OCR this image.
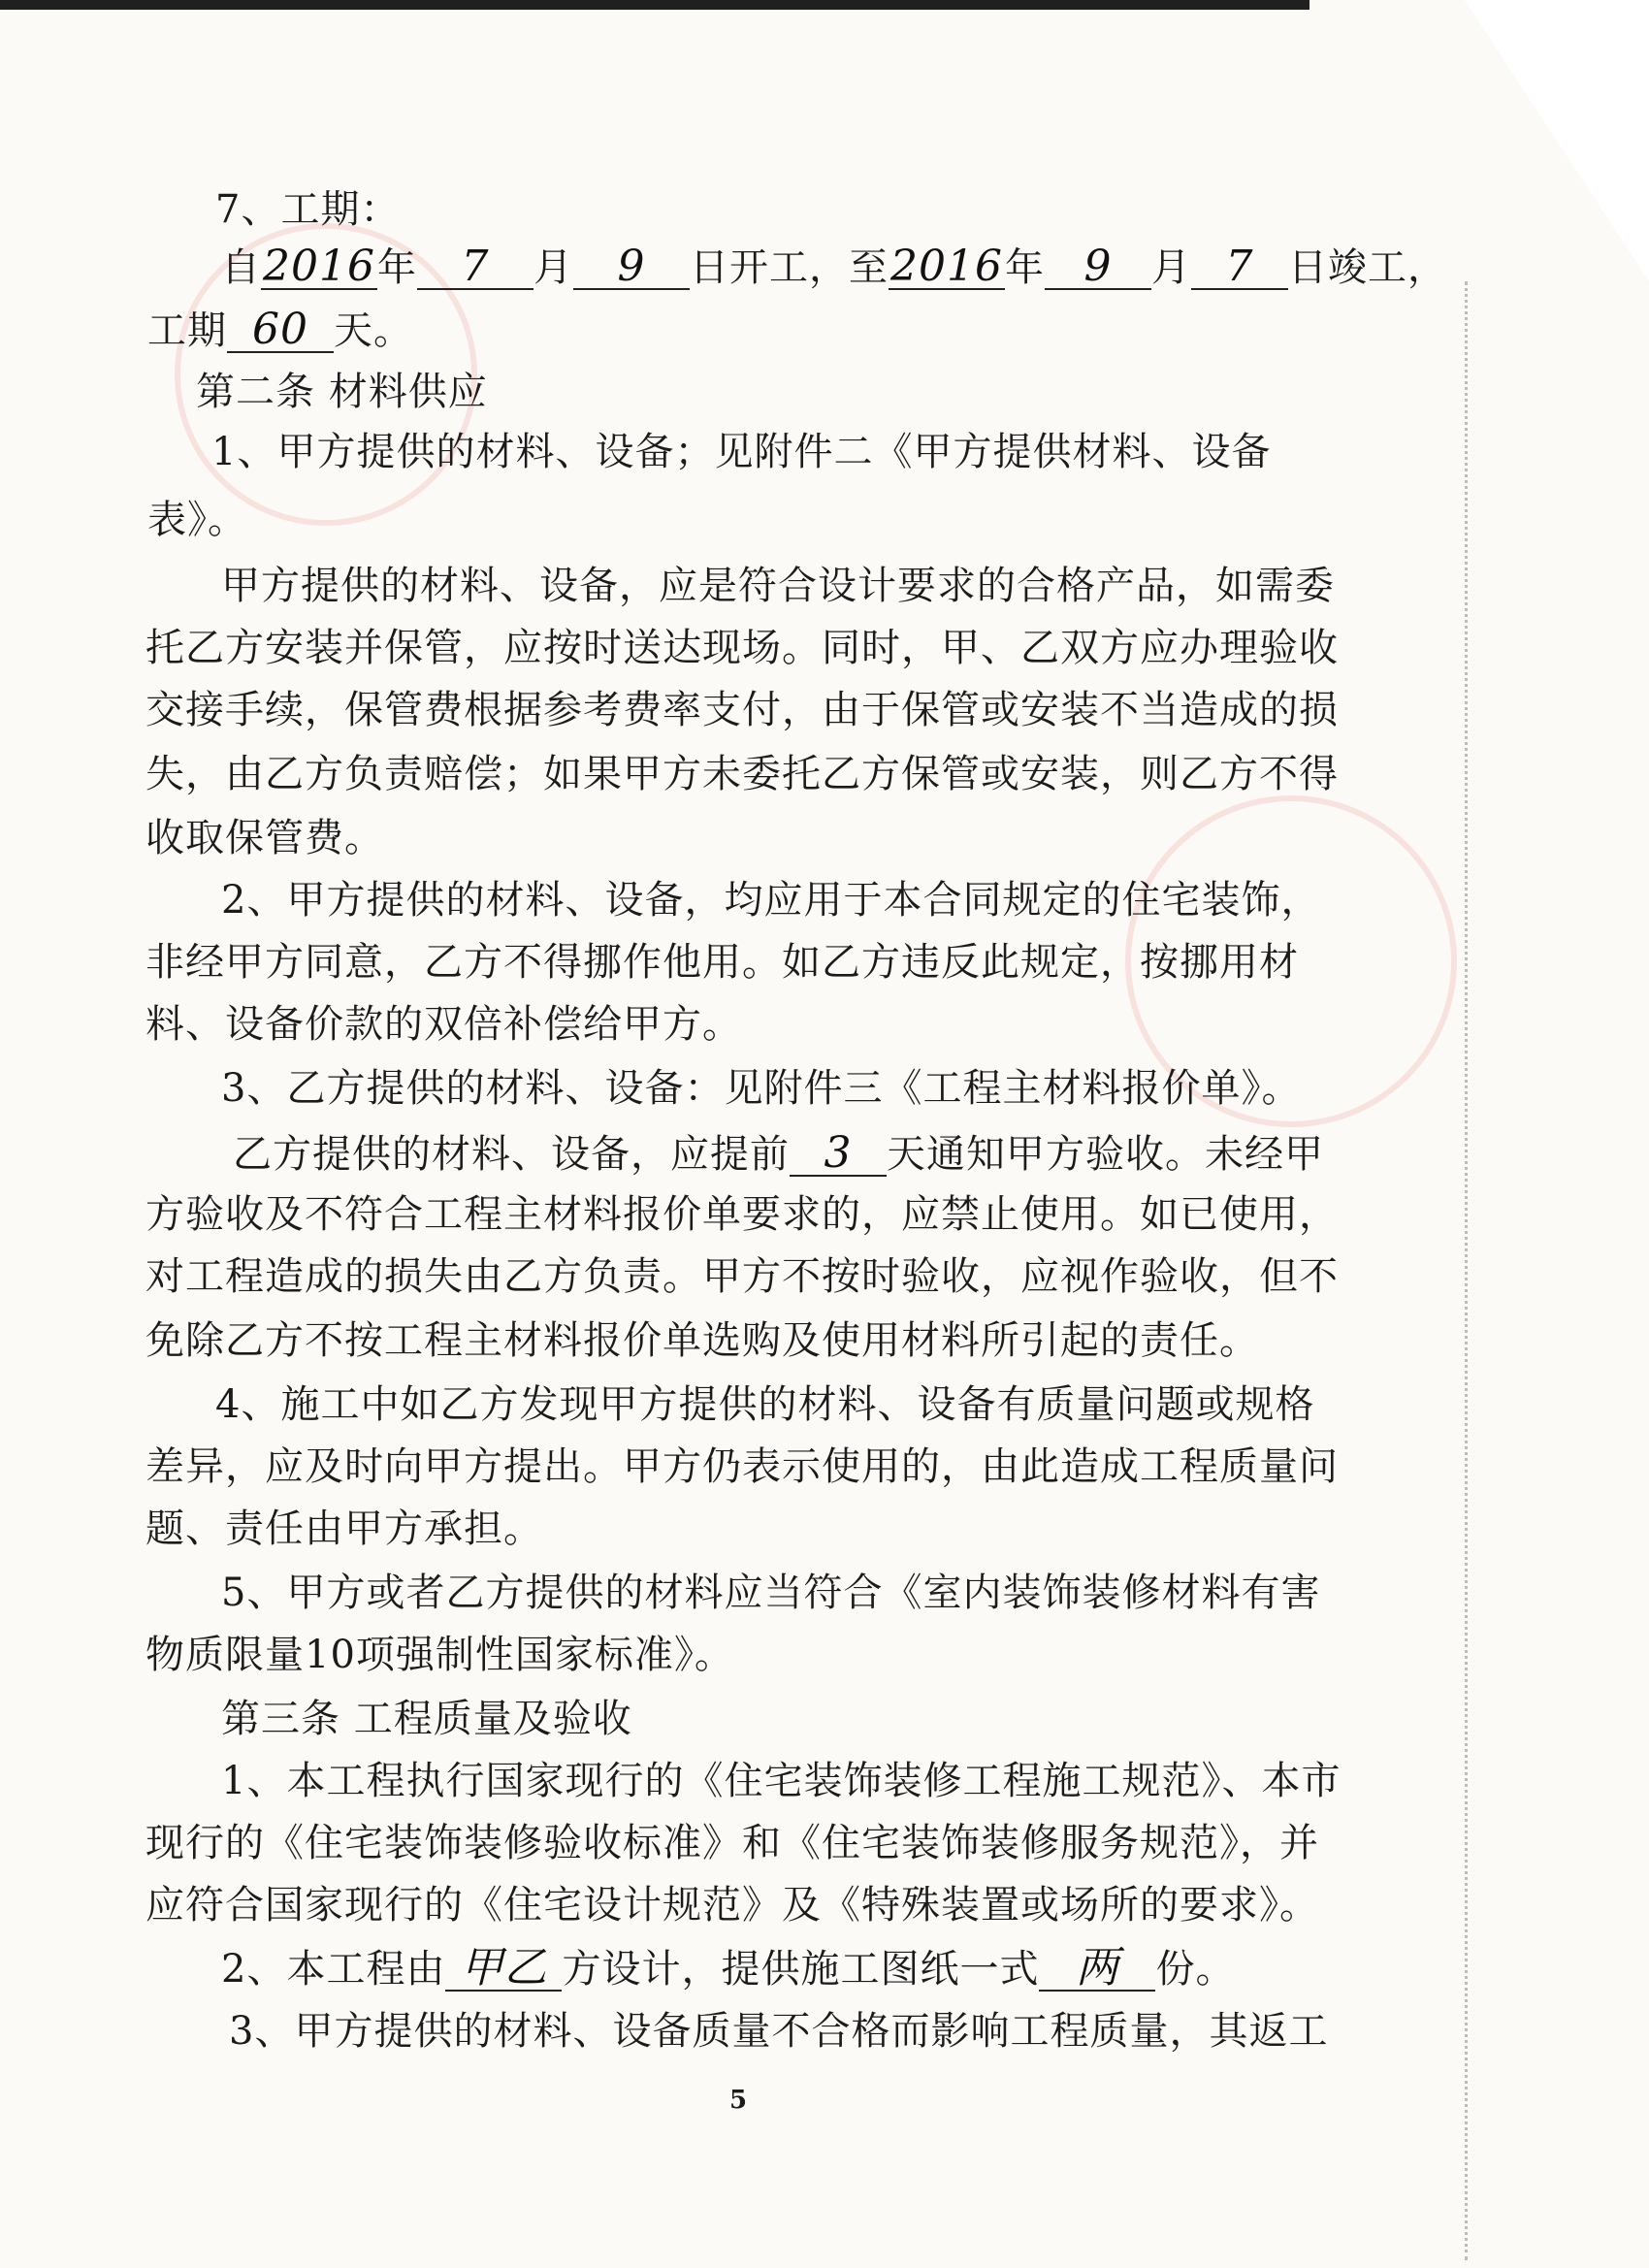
7、工期：
自2016年 7 月 9 日开工，至2016年 9 月 7 日竣工，
工期 60 天。
第二条 材料供应
1、甲方提供的材料、设备；见附件二《甲方提供材料、设备
表》。
甲方提供的材料、设备，应是符合设计要求的合格产品，如需委
托乙方安装并保管，应按时送达现场。同时，甲、乙双方应办理验收
交接手续，保管费根据参考费率支付，由于保管或安装不当造成的损
失，由乙方负责赔偿；如果甲方未委托乙方保管或安装，则乙方不得
收取保管费。
2、甲方提供的材料、设备，均应用于本合同规定的住宅装饰，
非经甲方同意，乙方不得挪作他用。如乙方违反此规定，按挪用材
料、设备价款的双倍补偿给甲方。
3、乙方提供的材料、设备：见附件三《工程主材料报价单》。
乙方提供的材料、设备，应提前 3 天通知甲方验收。未经甲
方验收及不符合工程主材料报价单要求的，应禁止使用。如已使用，
对工程造成的损失由乙方负责。甲方不按时验收，应视作验收，但不
免除乙方不按工程主材料报价单选购及使用材料所引起的责任。
4、施工中如乙方发现甲方提供的材料、设备有质量问题或规格
差异，应及时向甲方提出。甲方仍表示使用的，由此造成工程质量问
题、责任由甲方承担。
5、甲方或者乙方提供的材料应当符合《室内装饰装修材料有害
物质限量10项强制性国家标准》。
第三条 工程质量及验收
1、本工程执行国家现行的《住宅装饰装修工程施工规范》、本市
现行的《住宅装饰装修验收标准》和《住宅装饰装修服务规范》，并
应符合国家现行的《住宅设计规范》及《特殊装置或场所的要求》。
2、本工程由 甲乙 方设计，提供施工图纸一式 两 份。
3、甲方提供的材料、设备质量不合格而影响工程质量，其返工
5
